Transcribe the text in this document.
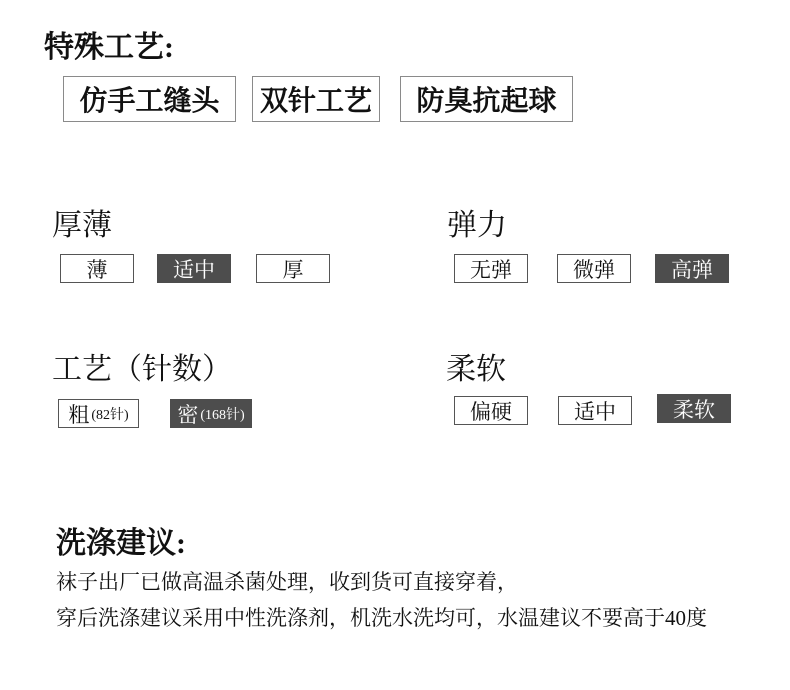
特殊工艺:
仿手工缝头	双针工艺	防臭抗起球
厚薄
薄	适中	厚
弹力
无弹	微弹	高弹
工艺（针数）
粗 (82针) 密 (168针)
柔软
偏硬	适中	柔软
洗涤建议:
袜子出厂已做高温杀菌处理，收到货可直接穿着，
穿后洗涤建议采用中性洗涤剂，机洗水洗均可，水温建议不要高于40度
